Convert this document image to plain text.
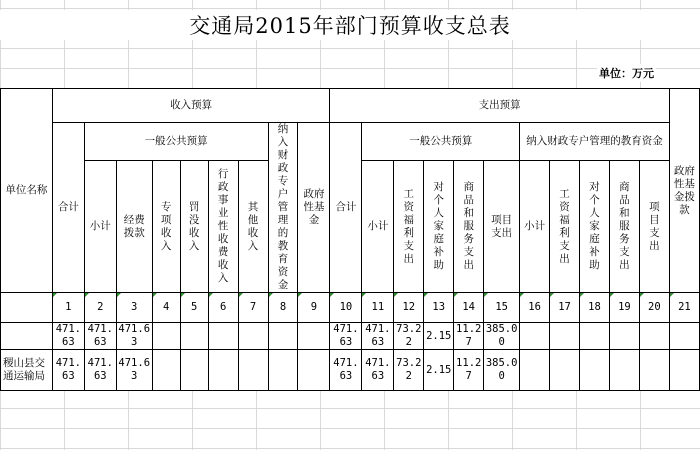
交通局2015年部门预算收支总表
单位：万元
单位名称	收入预算									支出预算											政府性基金拨款
	合计	一般公共预算						纳入财政专户管理的教育资金	政府性基金	合计	一般公共预算					纳入财政专户管理的教育资金					
		小计	经费拨款	专项收入	罚没收入	行政事业性收费收入	其他收入				小计	工资福利支出	对个人家庭补助	商品和服务支出	项目支出	小计	工资福利支出	对个人家庭补助	商品和服务支出	项目支出	
	1	2	3	4	5	6	7	8	9	10	11	12	13	14	15	16	17	18	19	20	21
	471.63	471.63	471.63							471.63	471.63	73.22	2.15	11.27	385.00						
稷山县交通运输局	471.63	471.63	471.63							471.63	471.63	73.22	2.15	11.27	385.00						
